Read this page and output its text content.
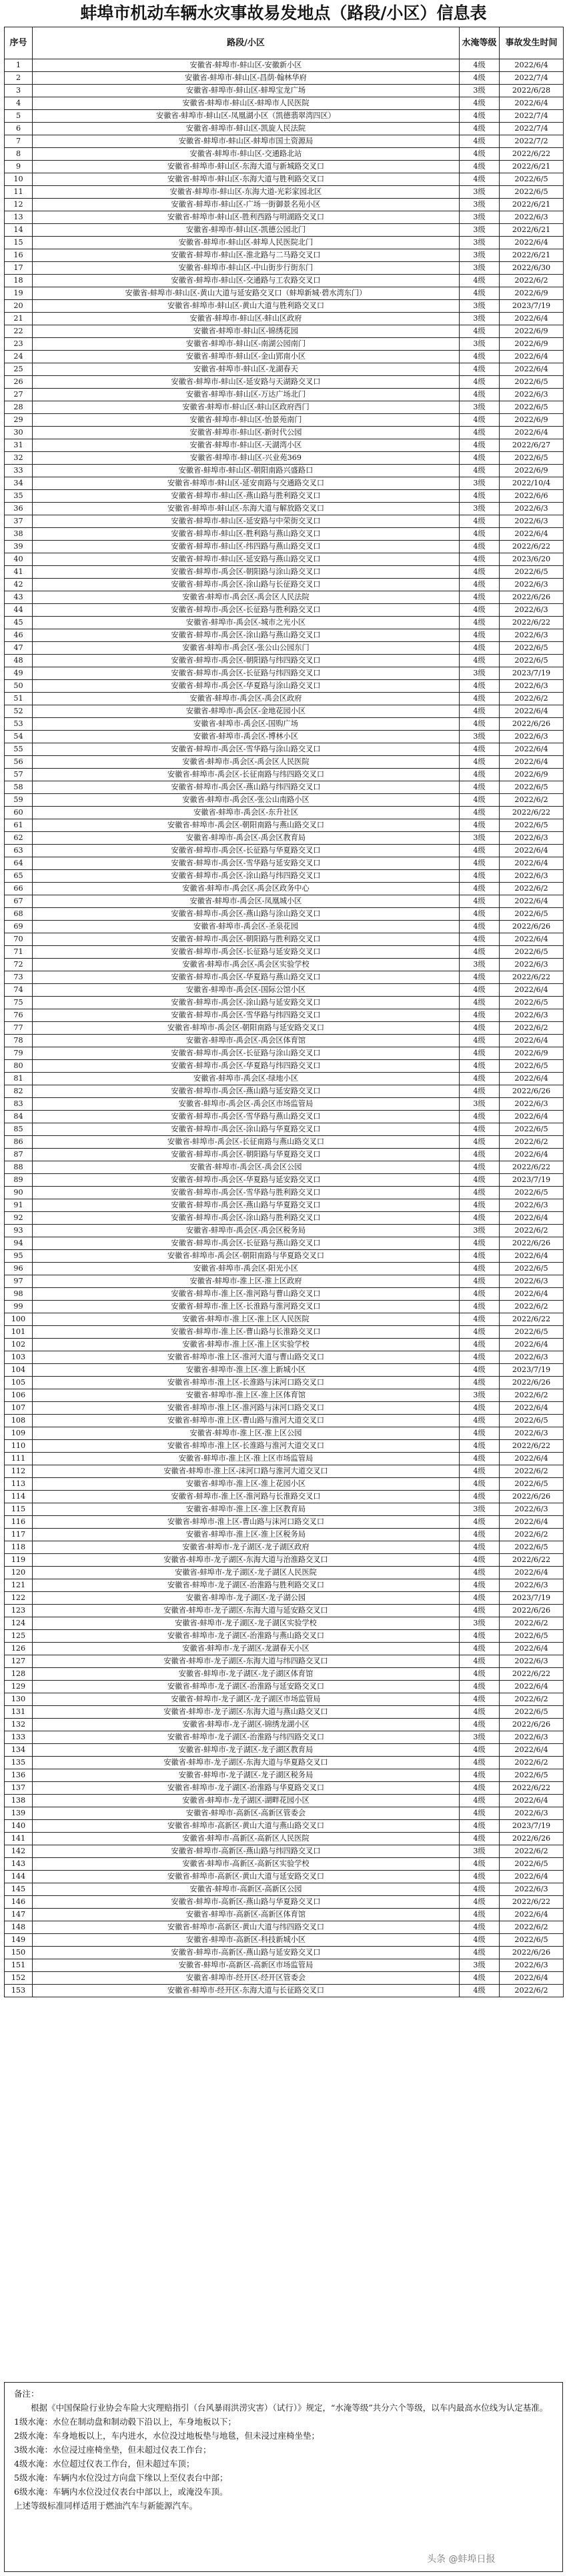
蚌埠市机动车辆水灾事故易发地点（路段/小区）信息表
序号	路段/小区	水淹等级	事故发生时间
1	安徽省-蚌埠市-蚌山区-安徽新小区	4级	2022/6/4
2	安徽省-蚌埠市-蚌山区-昌荫·翰林华府	4级	2022/7/4
3	安徽省-蚌埠市-蚌山区-蚌埠宝龙广场	3级	2022/6/28
4	安徽省-蚌埠市-蚌山区-蚌埠市人民医院	4级	2022/6/4
5	安徽省-蚌埠市-蚌山区-凤凰湖小区（凯德翡翠湾四区）	4级	2022/7/4
6	安徽省-蚌埠市-蚌山区-凯旋人民法院	4级	2022/7/4
7	安徽省-蚌埠市-蚌山区-蚌埠市国土资源局	4级	2022/7/2
8	安徽省-蚌埠市-蚌山区-交通路北站	4级	2022/6/22
9	安徽省-蚌埠市-蚌山区-东海大道与新城路交叉口	4级	2022/6/21
10	安徽省-蚌埠市-蚌山区-东海大道与胜利路交叉口	4级	2022/6/5
11	安徽省-蚌埠市-蚌山区-东海大道-光彩家园北区	3级	2022/6/5
12	安徽省-蚌埠市-蚌山区-广场一街御景名苑小区	3级	2022/6/21
13	安徽省-蚌埠市-蚌山区-胜利西路与明湖路交叉口	3级	2022/6/3
14	安徽省-蚌埠市-蚌山区-凯德公园北门	3级	2022/6/21
15	安徽省-蚌埠市-蚌山区-蚌埠人民医院北门	3级	2022/6/4
16	安徽省-蚌埠市-蚌山区-淮北路与二马路交叉口	3级	2022/6/21
17	安徽省-蚌埠市-蚌山区-中山街步行街东门	3级	2022/6/30
18	安徽省-蚌埠市-蚌山区-交通路与工农路交叉口	4级	2022/6/2
19	安徽省-蚌埠市-蚌山区-黄山大道与延安路交叉口（蚌埠新城·碧水湾东门）	4级	2022/6/9
20	安徽省-蚌埠市-蚌山区-黄山大道与胜利路交叉口	3级	2023/7/19
21	安徽省-蚌埠市-蚌山区-蚌山区政府	3级	2022/6/4
22	安徽省-蚌埠市-蚌山区-锦绣花园	4级	2022/6/9
23	安徽省-蚌埠市-蚌山区-南湖公园南门	3级	2022/6/9
24	安徽省-蚌埠市-蚌山区-金山郢南小区	4级	2022/6/4
25	安徽省-蚌埠市-蚌山区-龙湖春天	4级	2022/6/4
26	安徽省-蚌埠市-蚌山区-延安路与天湖路交叉口	4级	2022/6/5
27	安徽省-蚌埠市-蚌山区-万达广场北门	4级	2022/6/3
28	安徽省-蚌埠市-蚌山区-蚌山区政府西门	3级	2022/6/5
29	安徽省-蚌埠市-蚌山区-怡景苑南门	4级	2022/6/9
30	安徽省-蚌埠市-蚌山区-新时代公园	4级	2022/6/4
31	安徽省-蚌埠市-蚌山区-天湖湾小区	4级	2022/6/27
32	安徽省-蚌埠市-蚌山区-兴业苑369	4级	2022/6/5
33	安徽省-蚌埠市-蚌山区-朝阳南路兴盛路口	4级	2022/6/9
34	安徽省-蚌埠市-蚌山区-延安南路与交通路交叉口	3级	2022/10/4
35	安徽省-蚌埠市-蚌山区-燕山路与胜利路交叉口	4级	2022/6/6
36	安徽省-蚌埠市-蚌山区-东海大道与解放路交叉口	3级	2022/6/3
37	安徽省-蚌埠市-蚌山区-延安路与中荣街交叉口	4级	2022/6/3
38	安徽省-蚌埠市-蚌山区-胜利路与燕山路交叉口	4级	2022/6/4
39	安徽省-蚌埠市-蚌山区-纬四路与燕山路交叉口	4级	2022/6/22
40	安徽省-蚌埠市-蚌山区-延安路与燕山路交叉口	4级	2023/6/20
41	安徽省-蚌埠市-禹会区-朝阳路与涂山路交叉口	4级	2022/6/5
42	安徽省-蚌埠市-禹会区-涂山路与长征路交叉口	4级	2022/6/3
43	安徽省-蚌埠市-禹会区-禹会区人民法院	4级	2022/6/26
44	安徽省-蚌埠市-禹会区-长征路与胜利路交叉口	4级	2022/6/3
45	安徽省-蚌埠市-禹会区-城市之光小区	4级	2022/6/22
46	安徽省-蚌埠市-禹会区-涂山路与燕山路交叉口	4级	2022/6/3
47	安徽省-蚌埠市-禹会区-张公山公园东门	4级	2022/6/5
48	安徽省-蚌埠市-禹会区-朝阳路与纬四路交叉口	4级	2022/6/5
49	安徽省-蚌埠市-禹会区-长征路与纬四路交叉口	3级	2023/7/19
50	安徽省-蚌埠市-禹会区-华夏路与涂山路交叉口	4级	2022/6/3
51	安徽省-蚌埠市-禹会区-禹会区政府	4级	2022/6/2
52	安徽省-蚌埠市-禹会区-金地花园小区	4级	2022/6/4
53	安徽省-蚌埠市-禹会区-国购广场	4级	2022/6/26
54	安徽省-蚌埠市-禹会区-博林小区	3级	2022/6/3
55	安徽省-蚌埠市-禹会区-雪华路与涂山路交叉口	4级	2022/6/4
56	安徽省-蚌埠市-禹会区-禹会区人民医院	4级	2022/6/4
57	安徽省-蚌埠市-禹会区-长征南路与纬四路交叉口	4级	2022/6/9
58	安徽省-蚌埠市-禹会区-燕山路与纬四路交叉口	4级	2022/6/5
59	安徽省-蚌埠市-禹会区-张公山南路小区	4级	2022/6/2
60	安徽省-蚌埠市-禹会区-东升社区	4级	2022/6/22
61	安徽省-蚌埠市-禹会区-朝阳南路与燕山路交叉口	4级	2022/6/5
62	安徽省-蚌埠市-禹会区-禹会区教育局	3级	2022/6/3
63	安徽省-蚌埠市-禹会区-长征路与华夏路交叉口	4级	2022/6/4
64	安徽省-蚌埠市-禹会区-雪华路与延安路交叉口	4级	2022/6/4
65	安徽省-蚌埠市-禹会区-涂山路与纬四路交叉口	4级	2022/6/3
66	安徽省-蚌埠市-禹会区-禹会区政务中心	4级	2022/6/2
67	安徽省-蚌埠市-禹会区-凤凰城小区	4级	2022/6/4
68	安徽省-蚌埠市-禹会区-燕山路与涂山路交叉口	4级	2022/6/5
69	安徽省-蚌埠市-禹会区-圣泉花园	4级	2022/6/26
70	安徽省-蚌埠市-禹会区-朝阳路与胜利路交叉口	4级	2022/6/4
71	安徽省-蚌埠市-禹会区-长征路与延安路交叉口	4级	2022/6/5
72	安徽省-蚌埠市-禹会区-禹会区实验学校	3级	2022/6/3
73	安徽省-蚌埠市-禹会区-华夏路与燕山路交叉口	4级	2022/6/22
74	安徽省-蚌埠市-禹会区-国际公馆小区	4级	2022/6/4
75	安徽省-蚌埠市-禹会区-涂山路与延安路交叉口	4级	2022/6/5
76	安徽省-蚌埠市-禹会区-雪华路与纬四路交叉口	4级	2022/6/3
77	安徽省-蚌埠市-禹会区-朝阳南路与延安路交叉口	4级	2022/6/2
78	安徽省-蚌埠市-禹会区-禹会区体育馆	4级	2022/6/4
79	安徽省-蚌埠市-禹会区-长征路与涂山路交叉口	4级	2022/6/9
80	安徽省-蚌埠市-禹会区-华夏路与纬四路交叉口	4级	2022/6/5
81	安徽省-蚌埠市-禹会区-绿地小区	4级	2022/6/4
82	安徽省-蚌埠市-禹会区-燕山路与延安路交叉口	4级	2022/6/26
83	安徽省-蚌埠市-禹会区-禹会区市场监管局	3级	2022/6/3
84	安徽省-蚌埠市-禹会区-雪华路与燕山路交叉口	4级	2022/6/4
85	安徽省-蚌埠市-禹会区-涂山路与华夏路交叉口	4级	2022/6/5
86	安徽省-蚌埠市-禹会区-长征南路与燕山路交叉口	4级	2022/6/2
87	安徽省-蚌埠市-禹会区-朝阳路与华夏路交叉口	4级	2022/6/4
88	安徽省-蚌埠市-禹会区-禹会区公园	4级	2022/6/22
89	安徽省-蚌埠市-禹会区-华夏路与延安路交叉口	4级	2023/7/19
90	安徽省-蚌埠市-禹会区-雪华路与胜利路交叉口	4级	2022/6/5
91	安徽省-蚌埠市-禹会区-燕山路与华夏路交叉口	4级	2022/6/3
92	安徽省-蚌埠市-禹会区-涂山路与胜利路交叉口	4级	2022/6/4
93	安徽省-蚌埠市-禹会区-禹会区税务局	3级	2022/6/2
94	安徽省-蚌埠市-禹会区-长征路与燕山路交叉口	4级	2022/6/26
95	安徽省-蚌埠市-禹会区-朝阳南路与华夏路交叉口	4级	2022/6/4
96	安徽省-蚌埠市-禹会区-阳光小区	4级	2022/6/5
97	安徽省-蚌埠市-淮上区-淮上区政府	4级	2022/6/3
98	安徽省-蚌埠市-淮上区-淮河路与曹山路交叉口	4级	2022/6/4
99	安徽省-蚌埠市-淮上区-长淮路与淮河路交叉口	4级	2022/6/2
100	安徽省-蚌埠市-淮上区-淮上区人民医院	4级	2022/6/22
101	安徽省-蚌埠市-淮上区-曹山路与长淮路交叉口	4级	2022/6/5
102	安徽省-蚌埠市-淮上区-淮上区实验学校	4级	2022/6/4
103	安徽省-蚌埠市-淮上区-淮河大道与曹山路交叉口	4级	2022/6/3
104	安徽省-蚌埠市-淮上区-淮上新城小区	4级	2023/7/19
105	安徽省-蚌埠市-淮上区-长淮路与沫河口路交叉口	4级	2022/6/26
106	安徽省-蚌埠市-淮上区-淮上区体育馆	3级	2022/6/2
107	安徽省-蚌埠市-淮上区-淮河路与沫河口路交叉口	4级	2022/6/4
108	安徽省-蚌埠市-淮上区-曹山路与淮河大道交叉口	4级	2022/6/5
109	安徽省-蚌埠市-淮上区-淮上区公园	4级	2022/6/3
110	安徽省-蚌埠市-淮上区-长淮路与淮河大道交叉口	4级	2022/6/22
111	安徽省-蚌埠市-淮上区-淮上区市场监管局	4级	2022/6/4
112	安徽省-蚌埠市-淮上区-沫河口路与淮河大道交叉口	4级	2022/6/2
113	安徽省-蚌埠市-淮上区-淮上花园小区	4级	2022/6/5
114	安徽省-蚌埠市-淮上区-淮河路与长淮路交叉口	4级	2022/6/26
115	安徽省-蚌埠市-淮上区-淮上区教育局	3级	2022/6/3
116	安徽省-蚌埠市-淮上区-曹山路与沫河口路交叉口	4级	2022/6/4
117	安徽省-蚌埠市-淮上区-淮上区税务局	4级	2022/6/2
118	安徽省-蚌埠市-龙子湖区-龙子湖区政府	4级	2022/6/5
119	安徽省-蚌埠市-龙子湖区-东海大道与治淮路交叉口	4级	2022/6/22
120	安徽省-蚌埠市-龙子湖区-龙子湖区人民医院	4级	2022/6/4
121	安徽省-蚌埠市-龙子湖区-治淮路与胜利路交叉口	4级	2022/6/3
122	安徽省-蚌埠市-龙子湖区-龙子湖公园	4级	2023/7/19
123	安徽省-蚌埠市-龙子湖区-东海大道与延安路交叉口	4级	2022/6/26
124	安徽省-蚌埠市-龙子湖区-龙子湖区实验学校	3级	2022/6/2
125	安徽省-蚌埠市-龙子湖区-治淮路与燕山路交叉口	4级	2022/6/5
126	安徽省-蚌埠市-龙子湖区-龙湖春天小区	4级	2022/6/4
127	安徽省-蚌埠市-龙子湖区-东海大道与纬四路交叉口	4级	2022/6/3
128	安徽省-蚌埠市-龙子湖区-龙子湖区体育馆	4级	2022/6/22
129	安徽省-蚌埠市-龙子湖区-治淮路与延安路交叉口	4级	2022/6/4
130	安徽省-蚌埠市-龙子湖区-龙子湖区市场监管局	4级	2022/6/2
131	安徽省-蚌埠市-龙子湖区-东海大道与燕山路交叉口	4级	2022/6/5
132	安徽省-蚌埠市-龙子湖区-锦绣龙湖小区	4级	2022/6/26
133	安徽省-蚌埠市-龙子湖区-治淮路与纬四路交叉口	3级	2022/6/3
134	安徽省-蚌埠市-龙子湖区-龙子湖区教育局	4级	2022/6/4
135	安徽省-蚌埠市-龙子湖区-东海大道与华夏路交叉口	4级	2022/6/2
136	安徽省-蚌埠市-龙子湖区-龙子湖区税务局	4级	2022/6/5
137	安徽省-蚌埠市-龙子湖区-治淮路与华夏路交叉口	4级	2022/6/22
138	安徽省-蚌埠市-龙子湖区-湖畔花园小区	4级	2022/6/4
139	安徽省-蚌埠市-高新区-高新区管委会	4级	2022/6/3
140	安徽省-蚌埠市-高新区-黄山大道与燕山路交叉口	4级	2023/7/19
141	安徽省-蚌埠市-高新区-高新区人民医院	4级	2022/6/26
142	安徽省-蚌埠市-高新区-燕山路与纬四路交叉口	3级	2022/6/2
143	安徽省-蚌埠市-高新区-高新区实验学校	4级	2022/6/5
144	安徽省-蚌埠市-高新区-黄山大道与延安路交叉口	4级	2022/6/4
145	安徽省-蚌埠市-高新区-高新区公园	4级	2022/6/3
146	安徽省-蚌埠市-高新区-燕山路与华夏路交叉口	4级	2022/6/22
147	安徽省-蚌埠市-高新区-高新区体育馆	4级	2022/6/4
148	安徽省-蚌埠市-高新区-黄山大道与纬四路交叉口	4级	2022/6/2
149	安徽省-蚌埠市-高新区-科技新城小区	4级	2022/6/5
150	安徽省-蚌埠市-高新区-燕山路与延安路交叉口	4级	2022/6/26
151	安徽省-蚌埠市-高新区-高新区市场监管局	3级	2022/6/3
152	安徽省-蚌埠市-经开区-经开区管委会	4级	2022/6/4
153	安徽省-蚌埠市-经开区-东海大道与长征路交叉口	4级	2022/6/2

备注：

根据《中国保险行业协会车险大灾理赔指引（台风暴雨洪涝灾害）（试行）》规定，“水淹等级”共分六个等级，以车内最高水位线为认定基准。

1级水淹：水位在制动盘和制动毂下沿以上，车身地板以下；

2级水淹：车身地板以上，车内进水，水位没过地板垫与地毯，但未浸过座椅坐垫；

3级水淹：水位浸过座椅坐垫，但未超过仪表工作台；

4级水淹：水位超过仪表工作台，但未超过车顶；

5级水淹：车辆内水位没过方向盘下缘以上至仪表台中部；

6级水淹：车辆内水位没过仪表台中部以上，或淹没车顶。

上述等级标准同样适用于燃油汽车与新能源汽车。

头条 @蚌埠日报
